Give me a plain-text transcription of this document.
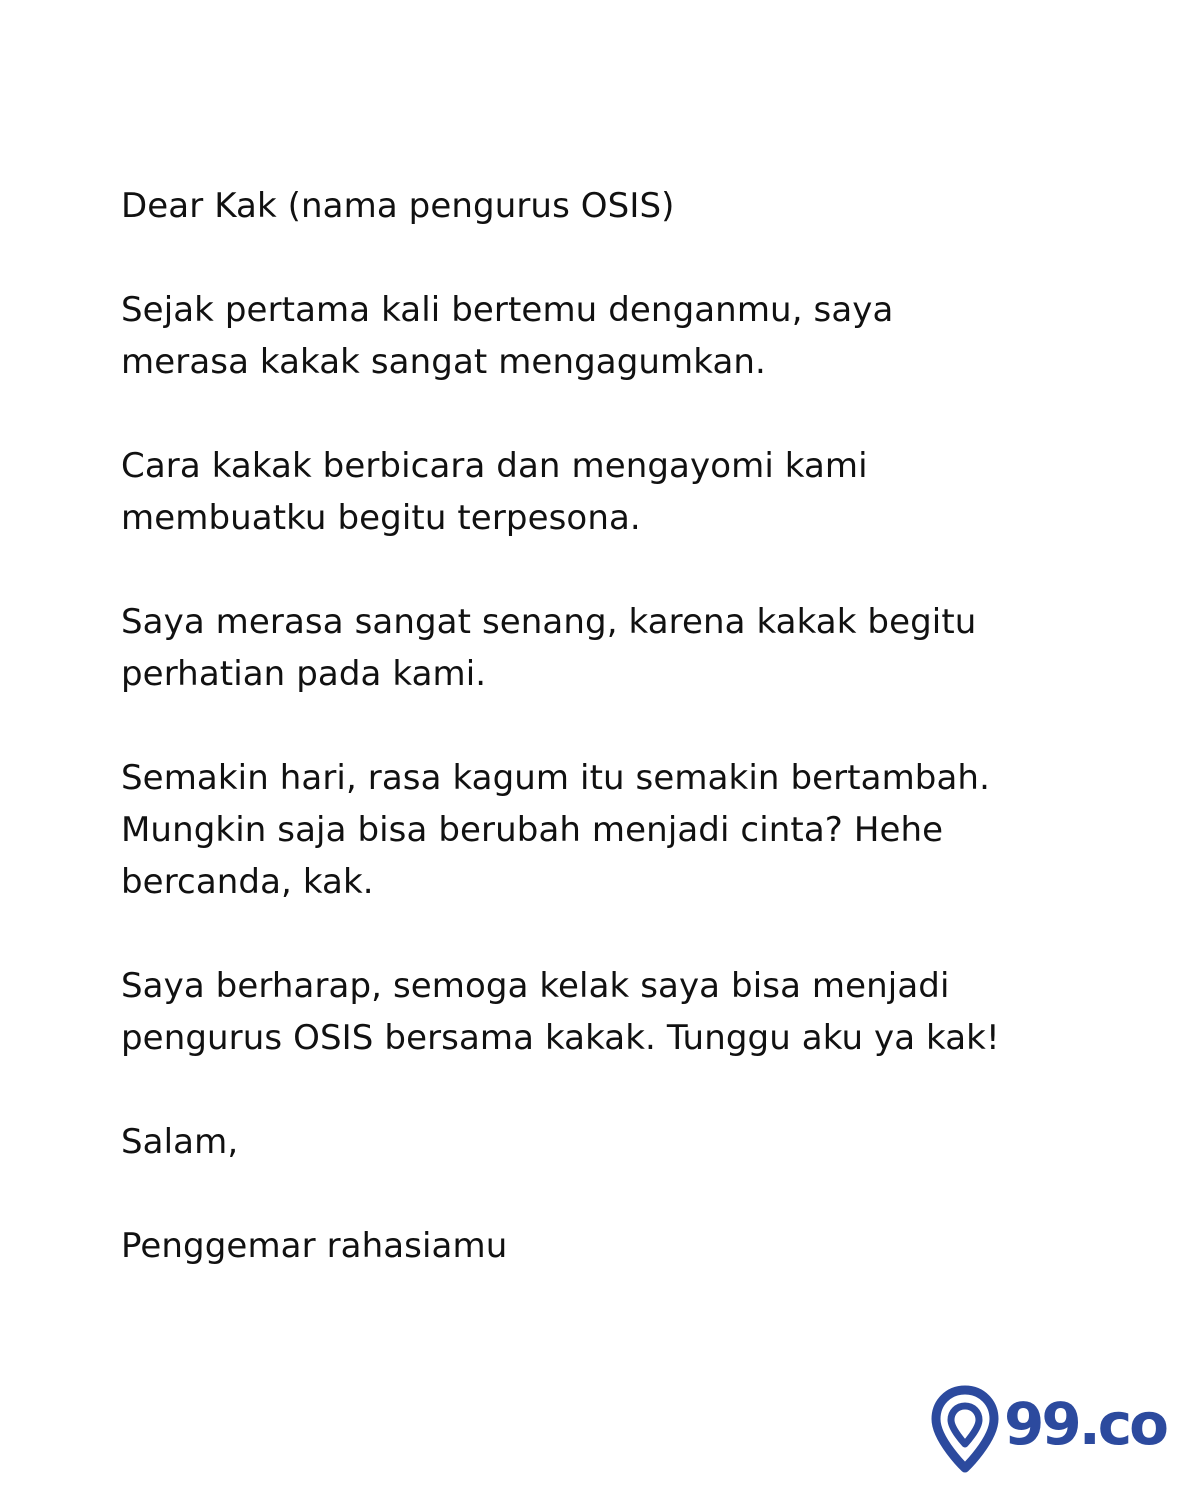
Dear Kak (nama pengurus OSIS)

Sejak pertama kali bertemu denganmu, saya
merasa kakak sangat mengagumkan.

Cara kakak berbicara dan mengayomi kami
membuatku begitu terpesona.

Saya merasa sangat senang, karena kakak begitu
perhatian pada kami.

Semakin hari, rasa kagum itu semakin bertambah.
Mungkin saja bisa berubah menjadi cinta? Hehe
bercanda, kak.

Saya berharap, semoga kelak saya bisa menjadi
pengurus OSIS bersama kakak. Tunggu aku ya kak!

Salam,

Penggemar rahasiamu

99.co
